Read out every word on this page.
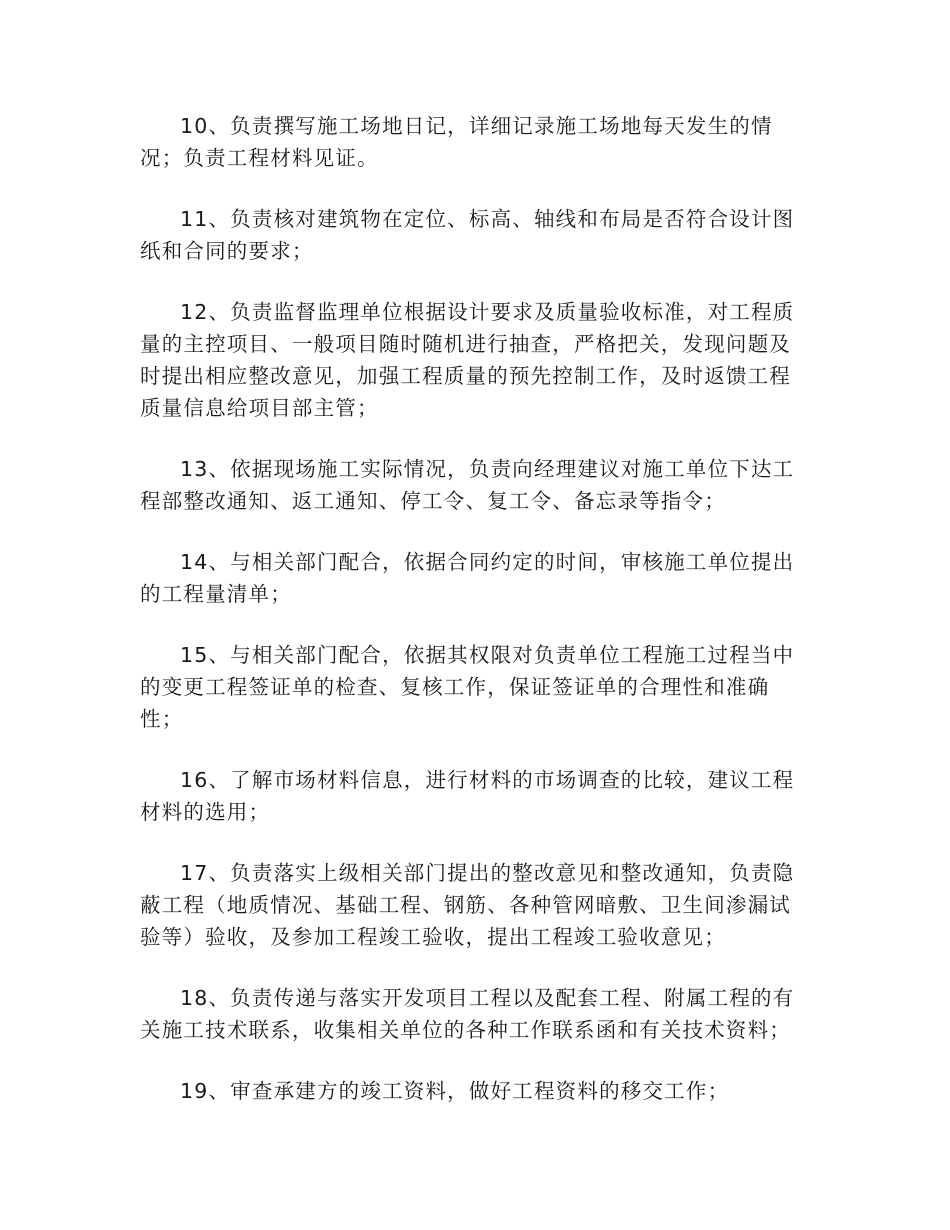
10、负责撰写施工场地日记，详细记录施工场地每天发生的情
况；负责工程材料见证。
11、负责核对建筑物在定位、标高、轴线和布局是否符合设计图
纸和合同的要求；
12、负责监督监理单位根据设计要求及质量验收标准，对工程质
量的主控项目、一般项目随时随机进行抽查，严格把关，发现问题及
时提出相应整改意见，加强工程质量的预先控制工作，及时返馈工程
质量信息给项目部主管；
13、依据现场施工实际情况，负责向经理建议对施工单位下达工
程部整改通知、返工通知、停工令、复工令、备忘录等指令；
14、与相关部门配合，依据合同约定的时间，审核施工单位提出
的工程量清单；
15、与相关部门配合，依据其权限对负责单位工程施工过程当中
的变更工程签证单的检查、复核工作，保证签证单的合理性和准确
性；
16、了解市场材料信息，进行材料的市场调查的比较，建议工程
材料的选用；
17、负责落实上级相关部门提出的整改意见和整改通知，负责隐
蔽工程（地质情况、基础工程、钢筋、各种管网暗敷、卫生间渗漏试
验等）验收，及参加工程竣工验收，提出工程竣工验收意见；
18、负责传递与落实开发项目工程以及配套工程、附属工程的有
关施工技术联系，收集相关单位的各种工作联系函和有关技术资料；
19、审查承建方的竣工资料，做好工程资料的移交工作；
